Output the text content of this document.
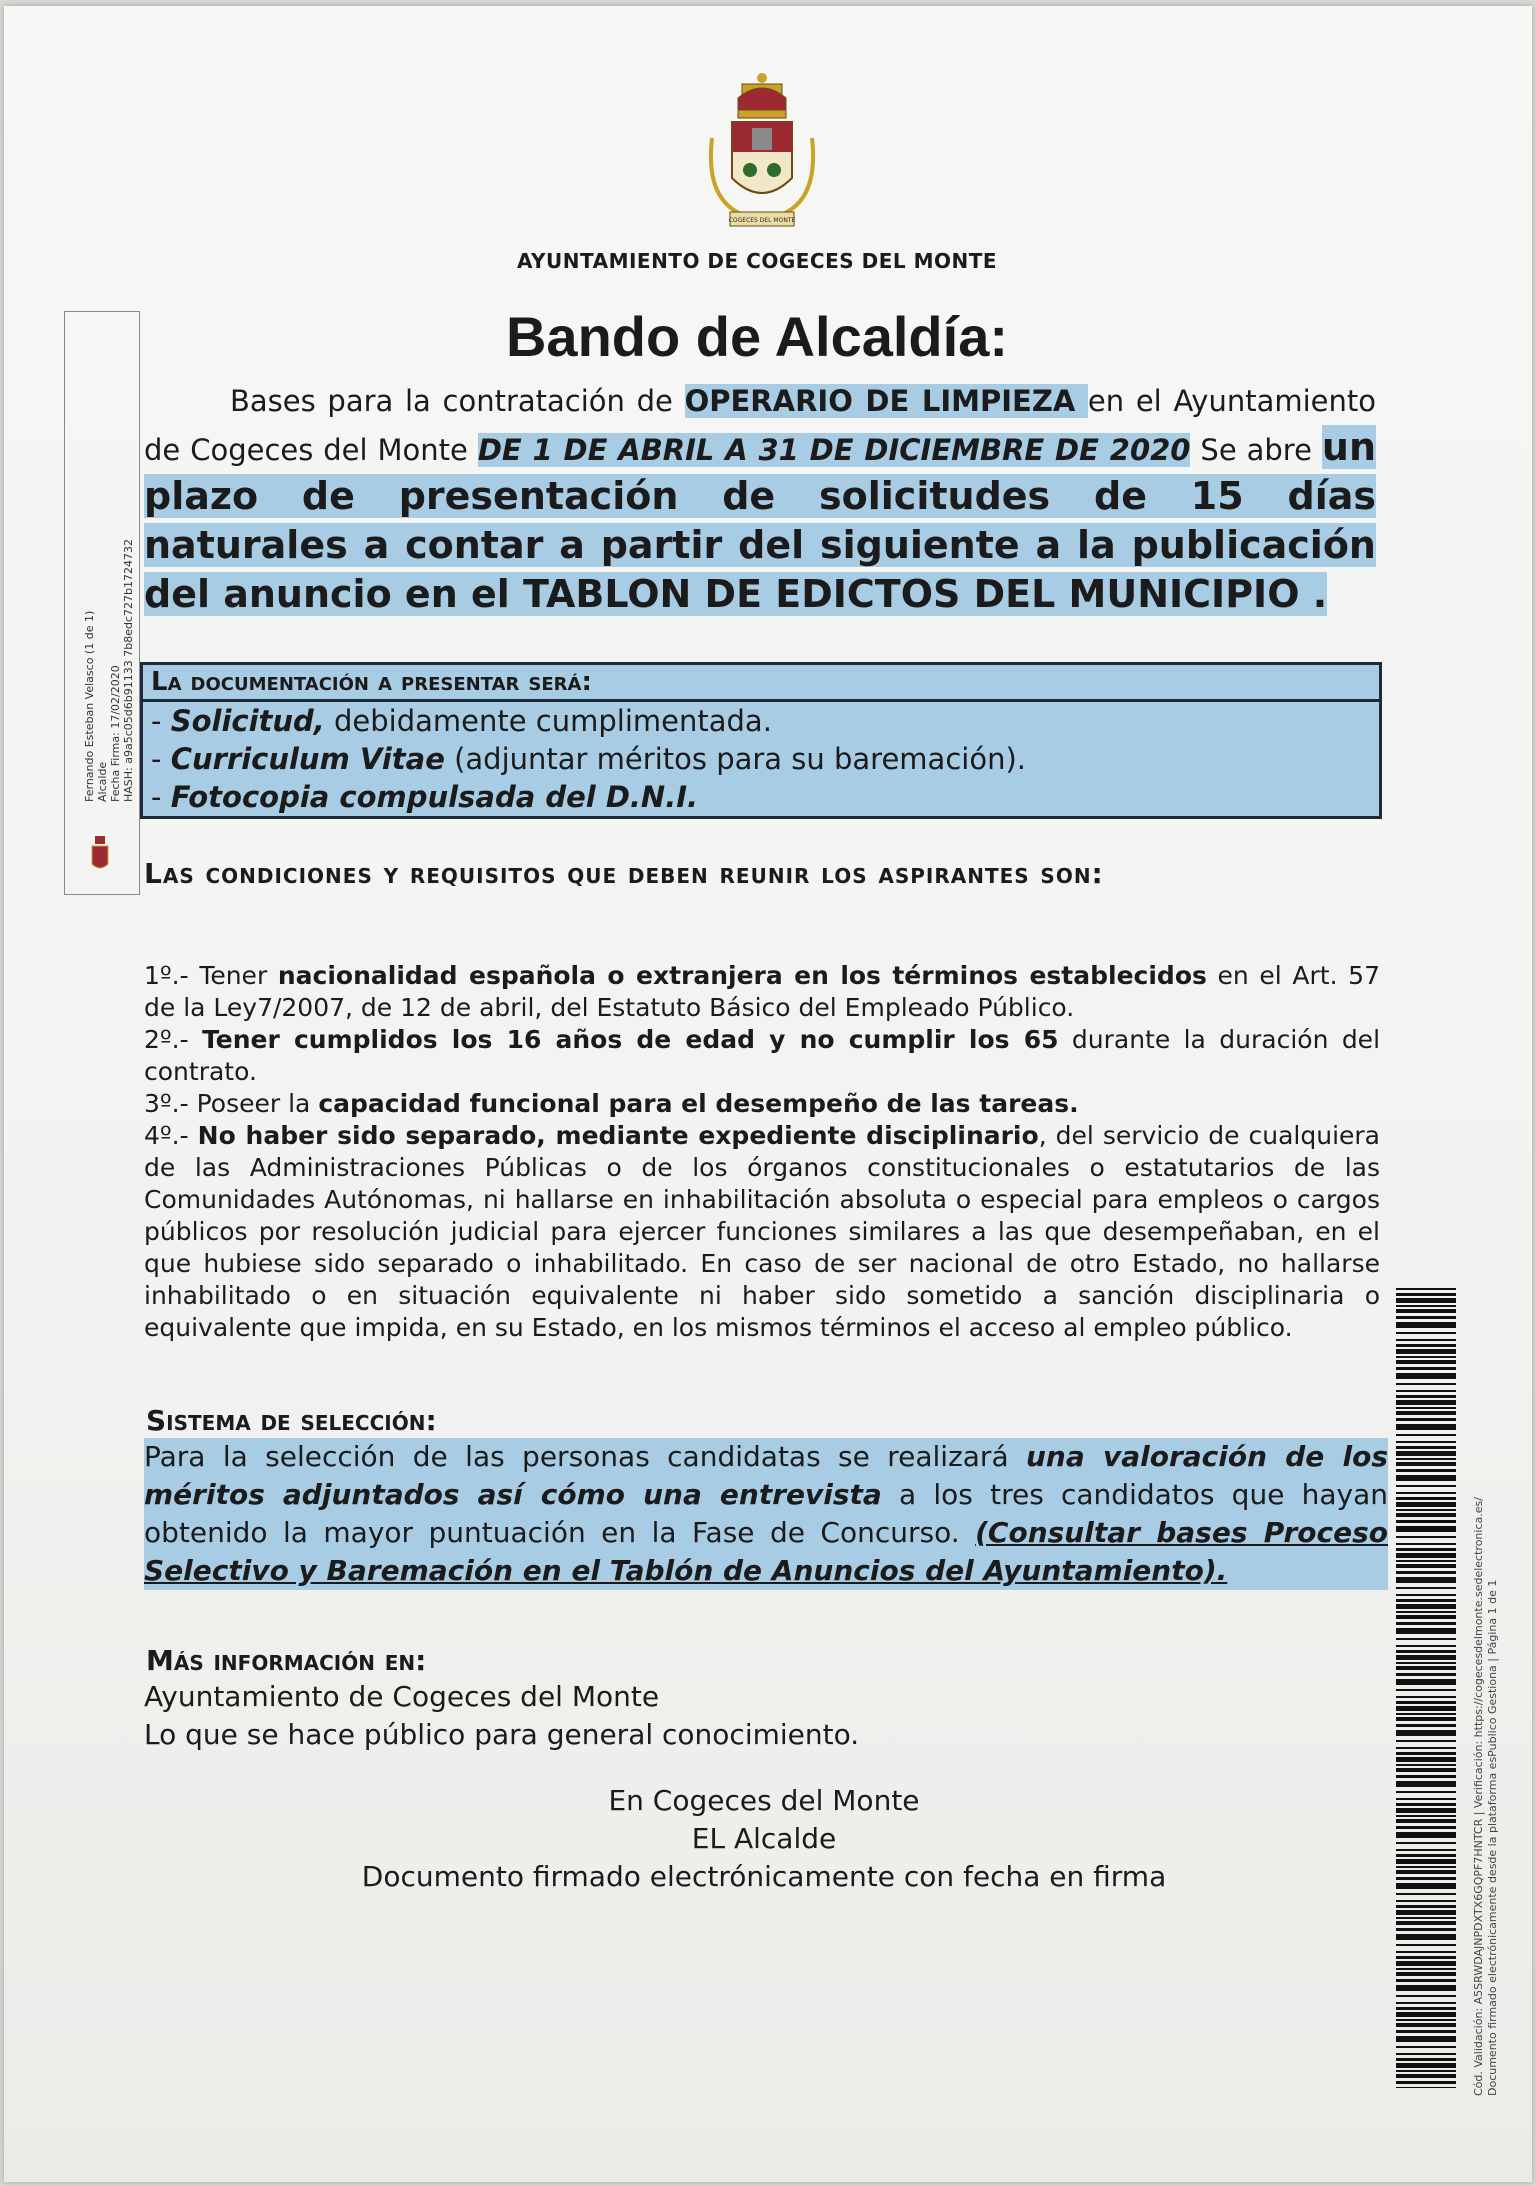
COGECES DEL MONTE
AYUNTAMIENTO DE COGECES DEL MONTE
Bando de Alcaldía:
Bases para la contratación de OPERARIO DE LIMPIEZA en el Ayuntamiento de Cogeces del Monte DE 1 DE ABRIL A 31 DE DICIEMBRE DE 2020 Se abre un plazo de presentación de solicitudes de 15 días naturales a contar a partir del siguiente a la publicación del anuncio en el TABLON DE EDICTOS DEL MUNICIPIO .
La documentación a presentar será:
- Solicitud, debidamente cumplimentada.
- Curriculum Vitae (adjuntar méritos para su baremación).
- Fotocopia compulsada del D.N.I.
Las condiciones y requisitos que deben reunir los aspirantes son:

1º.- Tener nacionalidad española o extranjera en los términos establecidos en el Art. 57 de la Ley7/2007, de 12 de abril, del Estatuto Básico del Empleado Público.

2º.- Tener cumplidos los 16 años de edad y no cumplir los 65 durante la duración del contrato.

3º.- Poseer la capacidad funcional para el desempeño de las tareas.

4º.- No haber sido separado, mediante expediente disciplinario, del servicio de cualquiera de las Administraciones Públicas o de los órganos constitucionales o estatutarios de las Comunidades Autónomas, ni hallarse en inhabilitación absoluta o especial para empleos o cargos públicos por resolución judicial para ejercer funciones similares a las que desempeñaban, en el que hubiese sido separado o inhabilitado. En caso de ser nacional de otro Estado, no hallarse inhabilitado o en situación equivalente ni haber sido sometido a sanción disciplinaria o equivalente que impida, en su Estado, en los mismos términos el acceso al empleo público.

Sistema de selección:
Para la selección de las personas candidatas se realizará una valoración de los méritos adjuntados así cómo una entrevista a los tres candidatos que hayan obtenido la mayor puntuación en la Fase de Concurso. (Consultar bases Proceso Selectivo y Baremación en el Tablón de Anuncios del Ayuntamiento).
Más información en:
Ayuntamiento de Cogeces del Monte
Lo que se hace público para general conocimiento.
En Cogeces del Monte
EL Alcalde
Documento firmado electrónicamente con fecha en firma
Fernando Esteban Velasco (1 de 1) Alcalde Fecha Firma: 17/02/2020 HASH: a9a5c05d6b91133 7b8edc727b1724732
Cód. Validación: A5SRWDAJNPDXTX6GQPF7HNTCR | Verificación: https://cogecesdelmonte.sedelectronica.es/ Documento firmado electrónicamente desde la plataforma esPublico Gestiona | Página 1 de 1
